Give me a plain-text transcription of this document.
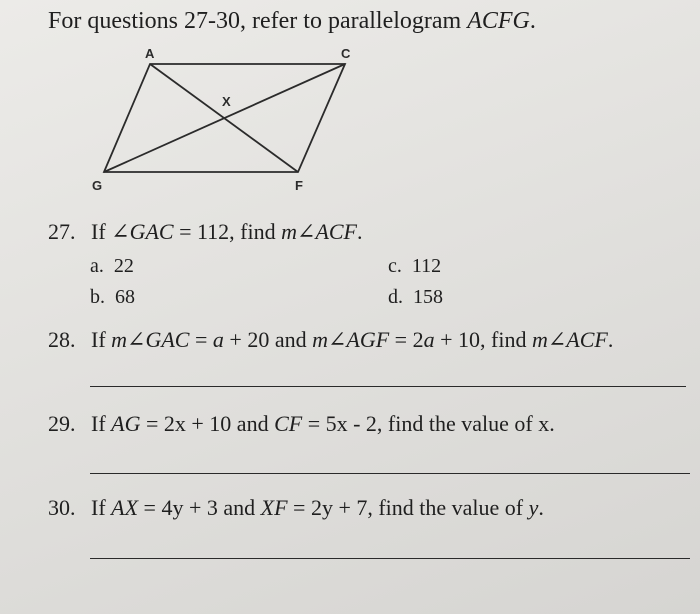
For questions 27-30, refer to parallelogram ACFG.
A	C
G	F
X
27. If ∠GAC = 112, find m∠ACF.
a. 22
b. 68
c. 112
d. 158
28. If m∠GAC = a + 20 and m∠AGF = 2a + 10, find m∠ACF.
29. If AG = 2x + 10 and CF = 5x - 2, find the value of x.
30. If AX = 4y + 3 and XF = 2y + 7, find the value of y.
